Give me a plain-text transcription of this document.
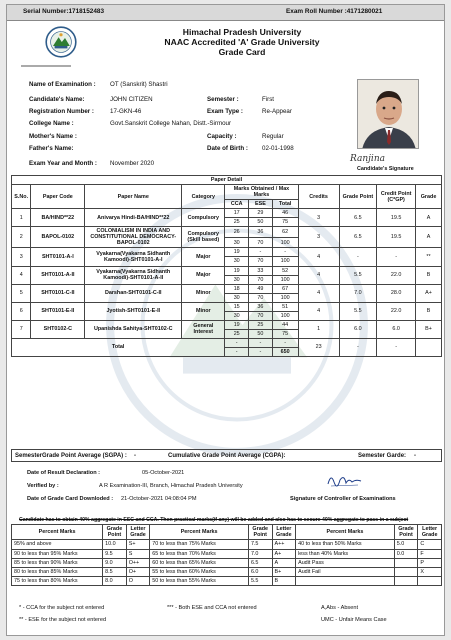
Serial Number:1718152483	Exam Roll Number :4171280021
Himachal Pradesh University
NAAC Accredited 'A' Grade University
Grade Card
Name of Examination : OT (Sanskrit) Shastri
Candidate's Name:	JOHN CITIZEN	Semester :	First
Registration Number :	17-GKN-46	Exam Type :	Re-Appear
College Name :	Govt.Sanskrit College Nahan, Distt.-Sirmour
Mother's Name :	Capacity :	Regular
Father's Name:	Date of Birth : 02-01-1998
Exam Year and Month : November 2020	Ranjina
Candidate's Signature
Paper Detail										
S.No.	Paper Code	Paper Name	Category	Marks Obtained / Max Marks			Credits	Grade Point	Credit Point (C*GP)	Grade
				CCA	ESE	Total				
1	BA/HIND**22	Anivarya Hindi-BA/HIND**22	Compulsory	17	29	46	3	6.5	19.5	A
				25	50	75				
2	BAPOL-0102	COLONIALISM IN INDIA AND CONSTITUTIONAL DEMOCRACY-BAPOL-0102	Compulsory (Skill based)	26	36	62	3	6.5	19.5	A
				30	70	100				
3	SHT0101-A-I	Vyakarna(Vyakarna Sidhanth Kamoodi)-SHT0101-A-I	Major	19	-	-	4	-	-	**
				30	70	100				
4	SHT0101-A-II	Vyakarna(Vyakarna Sidhanth Kamoodi)-SHT0101-A-II	Major	19	33	52	4	5.5	22.0	B
				30	70	100				
5	SHT0101-C-II	Darshan-SHT0101-C-II	Minor	18	49	67	4	7.0	28.0	A+
				30	70	100				
6	SHT0101-E-II	Jyotish-SHT0101-E-II	Minor	15	36	51	4	5.5	22.0	B
				30	70	100				
7	SHT0102-C	Upanishda Sahitya-SHT0102-C	General Interest	19	25	44	1	6.0	6.0	B+
				25	50	75				
Total				-	-	-	23	-	-	
				-	-	650				
SemesterGrade Point Average (SGPA) : -	Cumulative Grade Point Average (CGPA):	Semester Garde: -
Date of Result Declaration :	05-October-2021
Verified by :	A R Examination-III, Branch, Himachal Pradesh University
Date of Grade Card Downloded : 21-October-2021 04:08:04 PM	Signature of Controller of Examinations
Candidate has to obtain 40% aggregate in ESC and CCA. Then practical marks(if any) will be added and also has to secure 40% aggregate to pass in a subject
Percent Marks	Grade Point	Letter Grade	Percent Marks	Grade Point	Letter Grade	Percent Marks	Grade Point	Letter Grade
95% and above	10.0	S+	70 to less than 75% Marks	7.5	A++	40 to less than 50% Marks	5.0	C
90 to less than 95% Marks	9.5	S	65 to less than 70% Marks	7.0	A+	less than 40% Marks	0.0	F
85 to less than 90% Marks	9.0	O++	60 to less than 65% Marks	6.5	A	Audit Pass		P
80 to less than 85% Marks	8.5	O+	55 to less than 60% Marks	6.0	B+	Audit Fail		X
75 to less than 80% Marks	8.0	O	50 to less than 55% Marks	5.5	B			
* - CCA for the subject not entered	*** - Both ESE and CCA not entered	A,Abs - Absent
** - ESE for the subject not entered	UMC - Unfair Means Case
